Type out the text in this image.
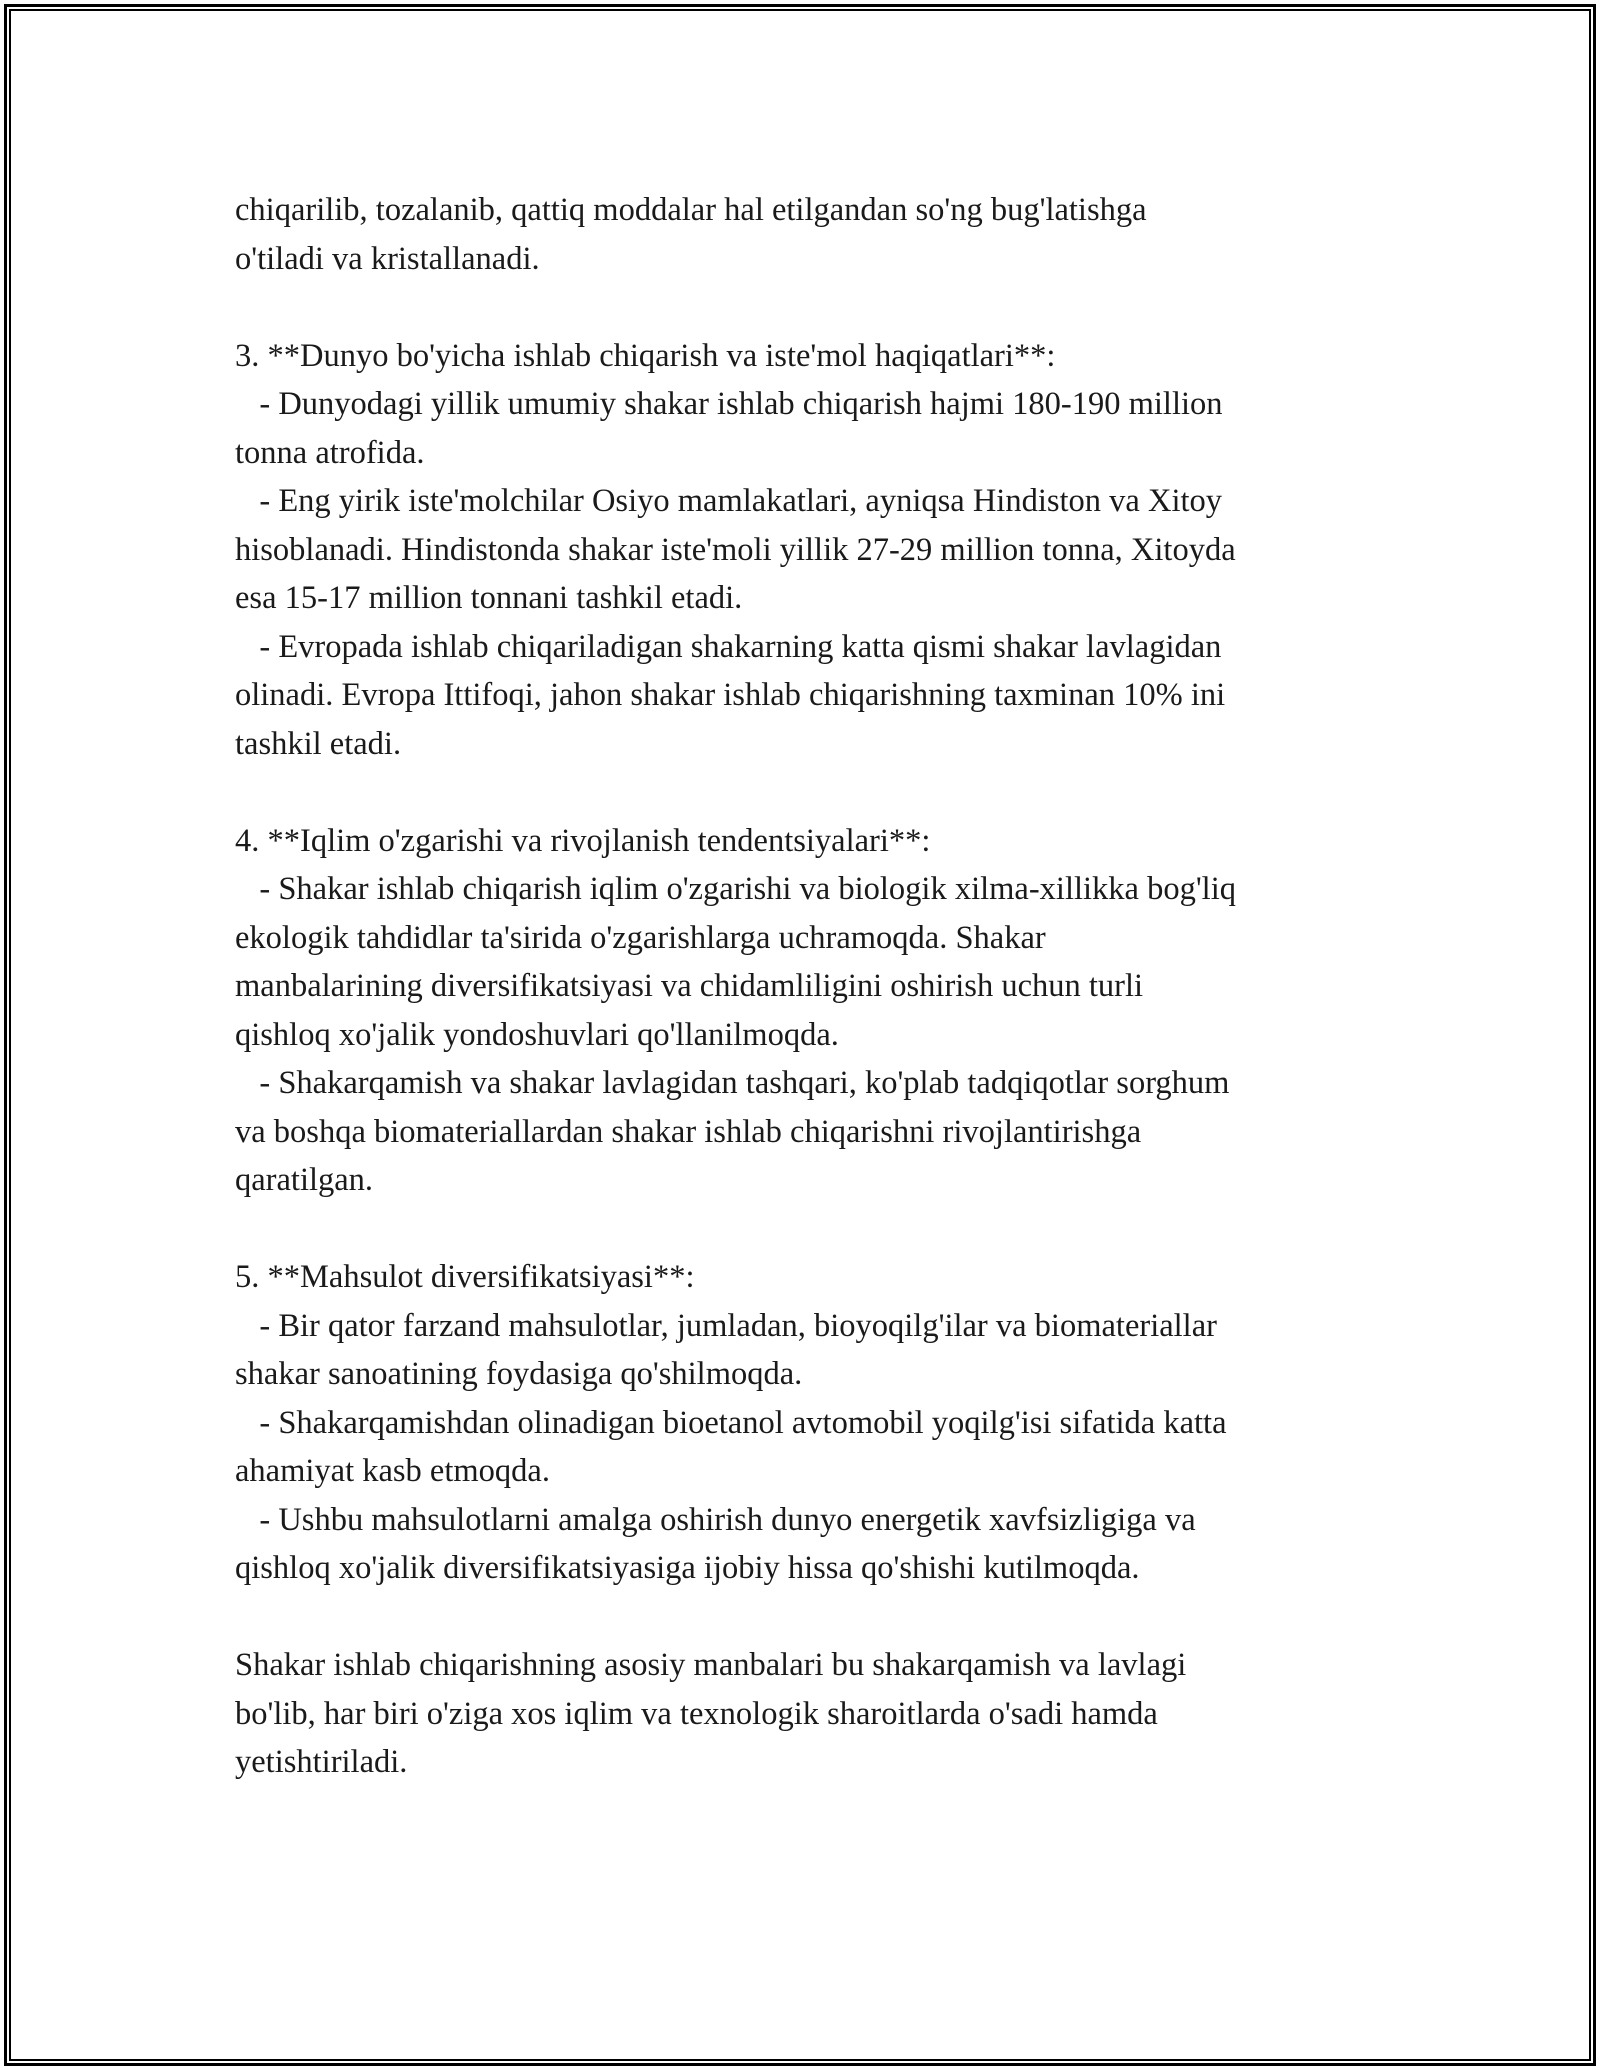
chiqarilib, tozalanib, qattiq moddalar hal etilgandan so'ng bug'latishga
o'tiladi va kristallanadi.
3. **Dunyo bo'yicha ishlab chiqarish va iste'mol haqiqatlari**:
- Dunyodagi yillik umumiy shakar ishlab chiqarish hajmi 180-190 million
tonna atrofida.
- Eng yirik iste'molchilar Osiyo mamlakatlari, ayniqsa Hindiston va Xitoy
hisoblanadi. Hindistonda shakar iste'moli yillik 27-29 million tonna, Xitoyda
esa 15-17 million tonnani tashkil etadi.
- Evropada ishlab chiqariladigan shakarning katta qismi shakar lavlagidan
olinadi. Evropa Ittifoqi, jahon shakar ishlab chiqarishning taxminan 10% ini
tashkil etadi.
4. **Iqlim o'zgarishi va rivojlanish tendentsiyalari**:
- Shakar ishlab chiqarish iqlim o'zgarishi va biologik xilma-xillikka bog'liq
ekologik tahdidlar ta'sirida o'zgarishlarga uchramoqda. Shakar
manbalarining diversifikatsiyasi va chidamliligini oshirish uchun turli
qishloq xo'jalik yondoshuvlari qo'llanilmoqda.
- Shakarqamish va shakar lavlagidan tashqari, ko'plab tadqiqotlar sorghum
va boshqa biomateriallardan shakar ishlab chiqarishni rivojlantirishga
qaratilgan.
5. **Mahsulot diversifikatsiyasi**:
- Bir qator farzand mahsulotlar, jumladan, bioyoqilg'ilar va biomateriallar
shakar sanoatining foydasiga qo'shilmoqda.
- Shakarqamishdan olinadigan bioetanol avtomobil yoqilg'isi sifatida katta
ahamiyat kasb etmoqda.
- Ushbu mahsulotlarni amalga oshirish dunyo energetik xavfsizligiga va
qishloq xo'jalik diversifikatsiyasiga ijobiy hissa qo'shishi kutilmoqda.
Shakar ishlab chiqarishning asosiy manbalari bu shakarqamish va lavlagi
bo'lib, har biri o'ziga xos iqlim va texnologik sharoitlarda o'sadi hamda
yetishtiriladi.
